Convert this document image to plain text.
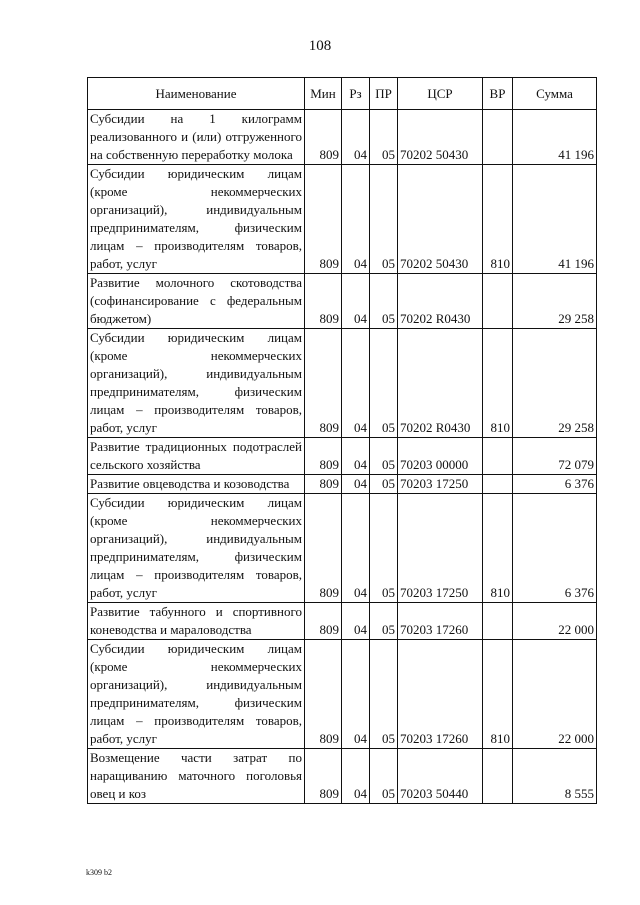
108
Наименование	Мин	Рз	ПР	ЦСР	ВР	Сумма
Субсидии на 1 килограмм реализованного и (или) отгруженного на собственную переработку молока	809	04	05	70202 50430		41 196
Субсидии юридическим лицам (кроме некоммерческих организаций), индивидуальным предпринимателям, физическим лицам – производителям товаров, работ, услуг	809	04	05	70202 50430	810	41 196
Развитие молочного скотоводства (софинансирование с федеральным бюджетом)	809	04	05	70202 R0430		29 258
Субсидии юридическим лицам (кроме некоммерческих организаций), индивидуальным предпринимателям, физическим лицам – производителям товаров, работ, услуг	809	04	05	70202 R0430	810	29 258
Развитие традиционных подотраслей сельского хозяйства	809	04	05	70203 00000		72 079
Развитие овцеводства и козоводства	809	04	05	70203 17250		6 376
Субсидии юридическим лицам (кроме некоммерческих организаций), индивидуальным предпринимателям, физическим лицам – производителям товаров, работ, услуг	809	04	05	70203 17250	810	6 376
Развитие табунного и спортивного коневодства и мараловодства	809	04	05	70203 17260		22 000
Субсидии юридическим лицам (кроме некоммерческих организаций), индивидуальным предпринимателям, физическим лицам – производителям товаров, работ, услуг	809	04	05	70203 17260	810	22 000
Возмещение части затрат по наращиванию маточного поголовья овец и коз	809	04	05	70203 50440		8 555
k309 b2
